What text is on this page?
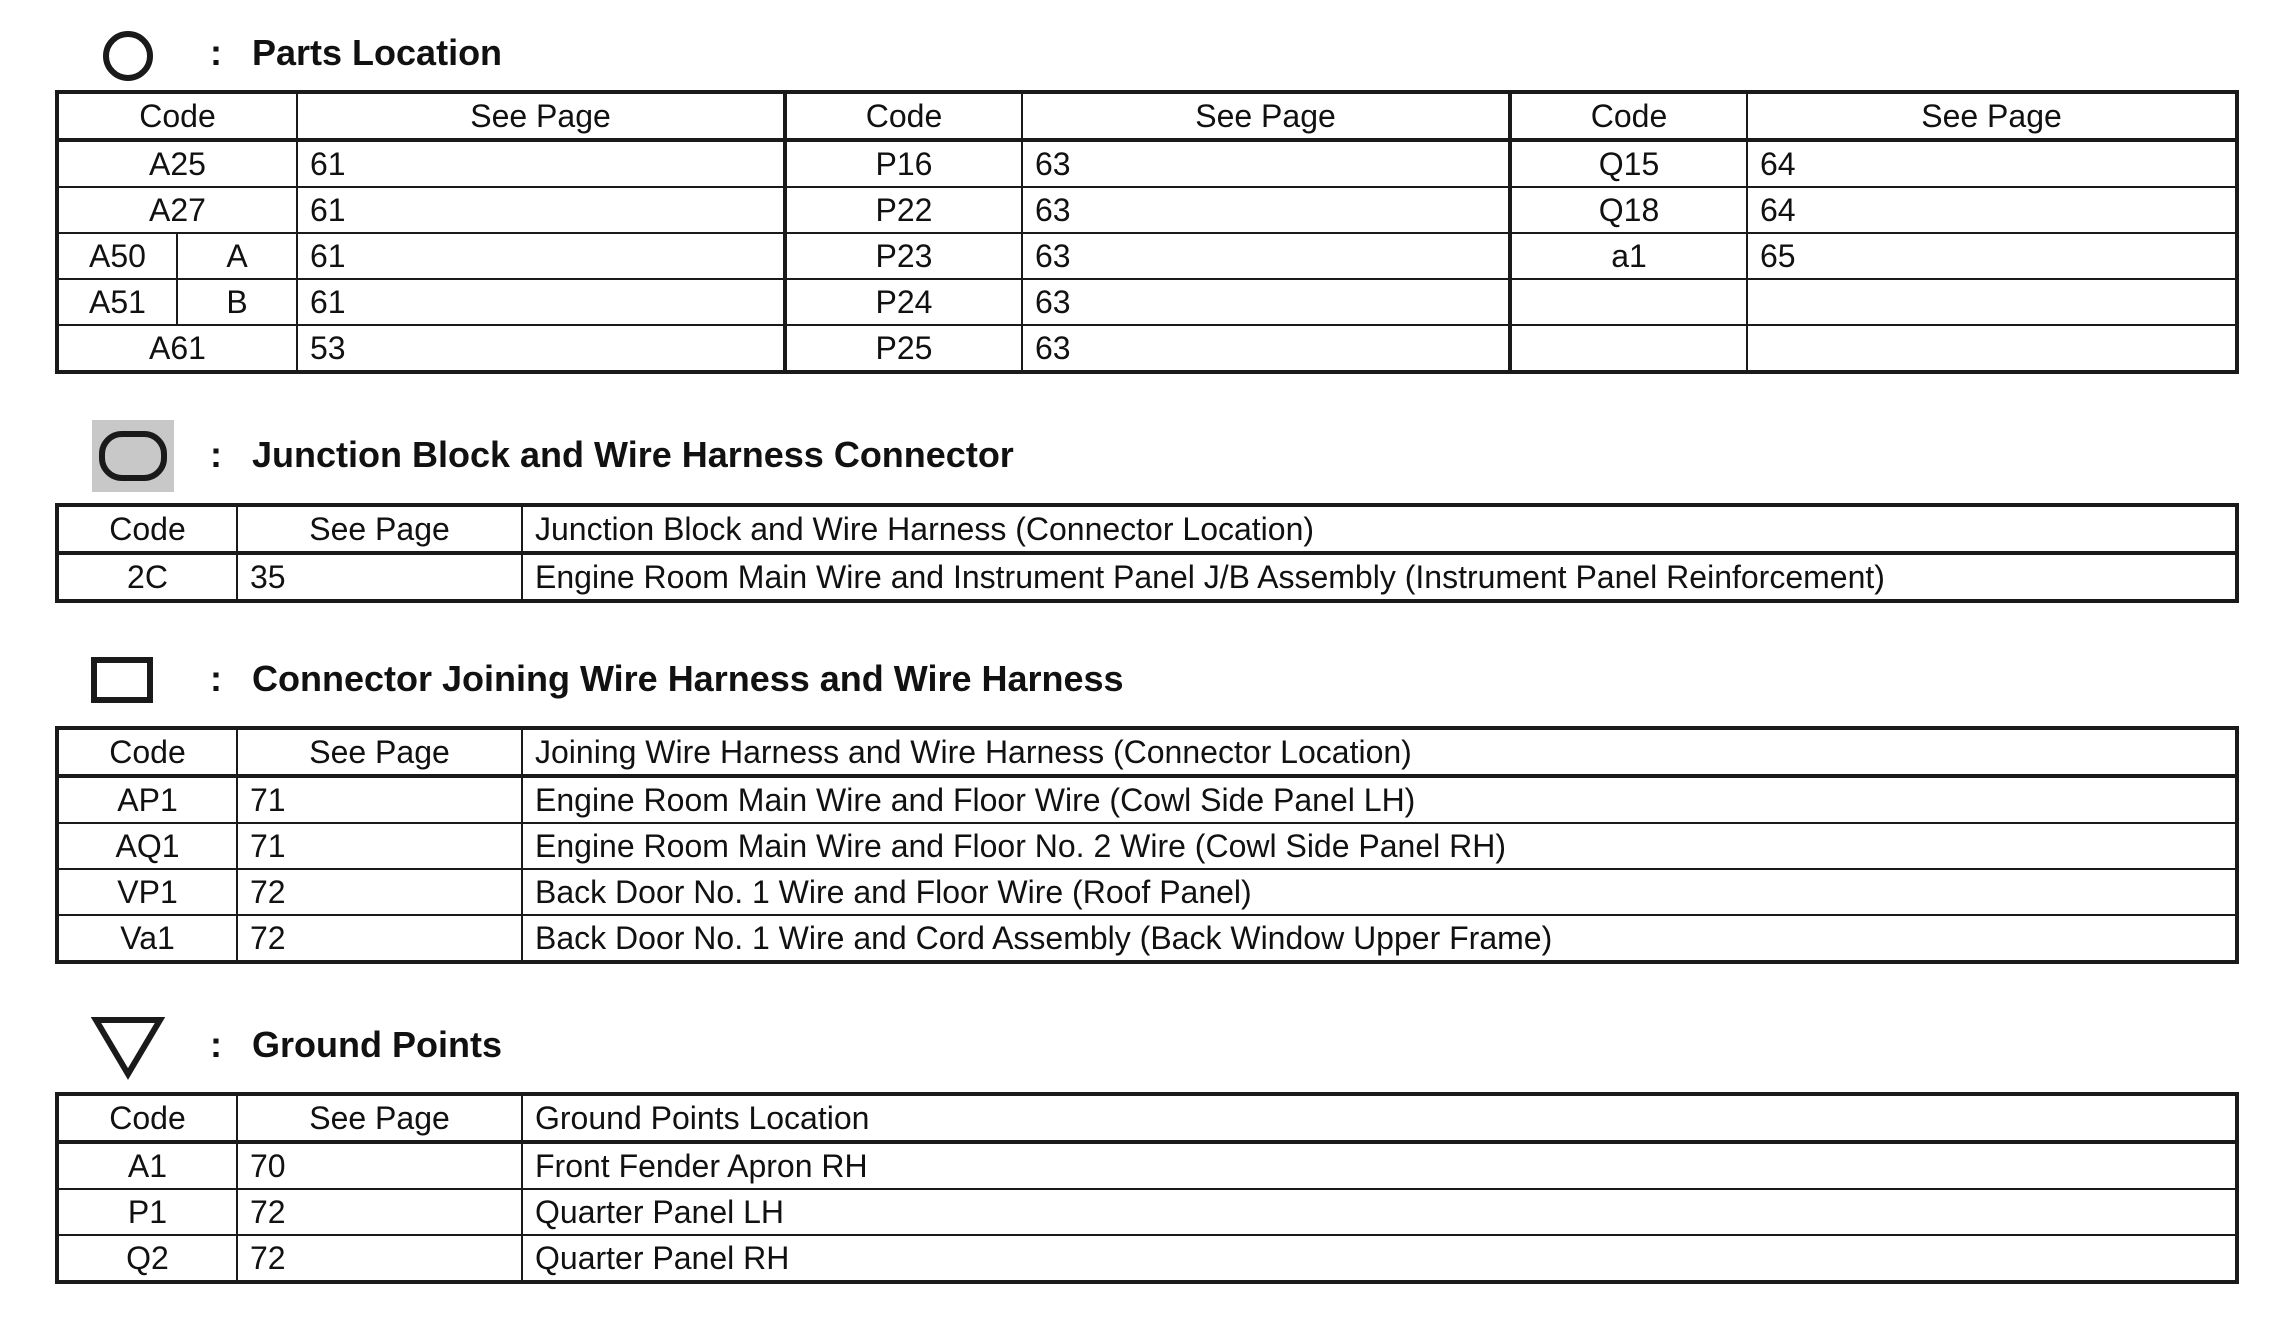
: Parts Location
Code		See Page	Code	See Page	Code	See Page
A25		61	P16	63	Q15	64
A27		61	P22	63	Q18	64
A50	A	61	P23	63	a1	65
A51	B	61	P24	63		
A61		53	P25	63		
: Junction Block and Wire Harness Connector
Code	See Page	Junction Block and Wire Harness (Connector Location)
2C	35	Engine Room Main Wire and Instrument Panel J/B Assembly (Instrument Panel Reinforcement)
: Connector Joining Wire Harness and Wire Harness
Code	See Page	Joining Wire Harness and Wire Harness (Connector Location)
AP1	71	Engine Room Main Wire and Floor Wire (Cowl Side Panel LH)
AQ1	71	Engine Room Main Wire and Floor No. 2 Wire (Cowl Side Panel RH)
VP1	72	Back Door No. 1 Wire and Floor Wire (Roof Panel)
Va1	72	Back Door No. 1 Wire and Cord Assembly (Back Window Upper Frame)
: Ground Points
Code	See Page	Ground Points Location
A1	70	Front Fender Apron RH
P1	72	Quarter Panel LH
Q2	72	Quarter Panel RH
